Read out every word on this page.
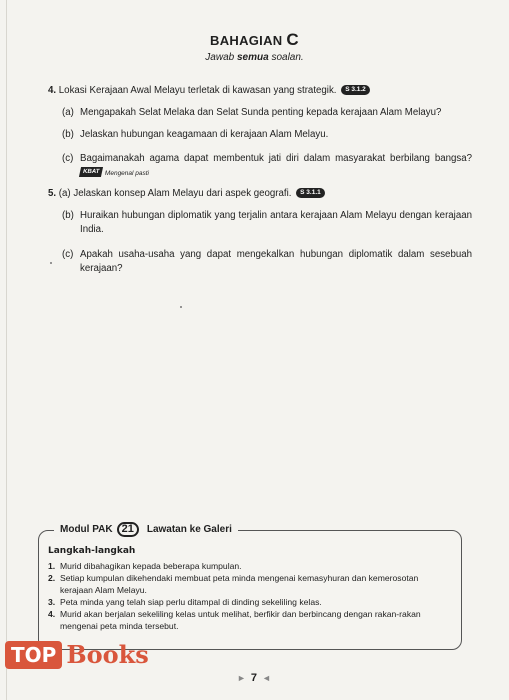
BAHAGIAN C
Jawab semua soalan.
4. Lokasi Kerajaan Awal Melayu terletak di kawasan yang strategik. S 3.1.2
(a) Mengapakah Selat Melaka dan Selat Sunda penting kepada kerajaan Alam Melayu?
(b) Jelaskan hubungan keagamaan di kerajaan Alam Melayu.
(c) Bagaimanakah agama dapat membentuk jati diri dalam masyarakat berbilang bangsa? KBAT Mengenal pasti
5. (a) Jelaskan konsep Alam Melayu dari aspek geografi. S 3.1.1
(b) Huraikan hubungan diplomatik yang terjalin antara kerajaan Alam Melayu dengan kerajaan India.
(c) Apakah usaha-usaha yang dapat mengekalkan hubungan diplomatik dalam sesebuah kerajaan?
Modul PAK 21	Lawatan ke Galeri
Langkah-langkah
1. Murid dibahagikan kepada beberapa kumpulan.
2. Setiap kumpulan dikehendaki membuat peta minda mengenai kemasyhuran dan kemerosotan kerajaan Alam Melayu.
3. Peta minda yang telah siap perlu ditampal di dinding sekeliling kelas.
4. Murid akan berjalan sekeliling kelas untuk melihat, berfikir dan berbincang dengan rakan-rakan mengenai peta minda tersebut.
TOP Books
► 7 ◄
